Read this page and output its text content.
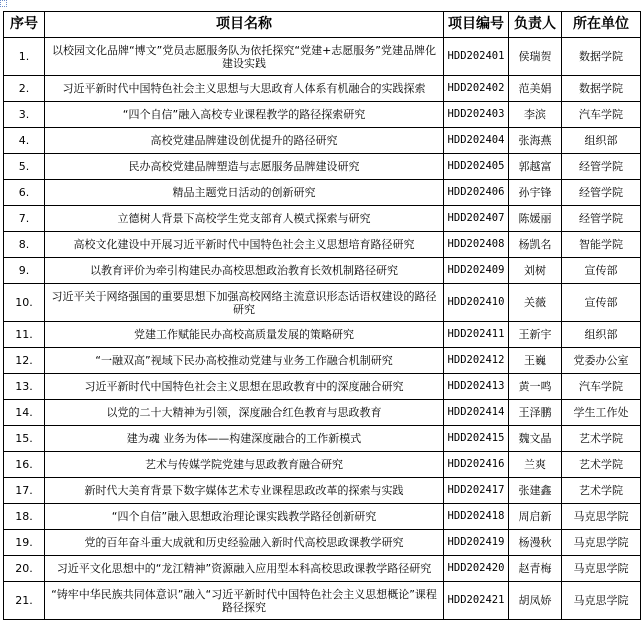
序号	项目名称	项目编号	负责人	所在单位
1.	以校园文化品牌“博文”党员志愿服务队为依托探究“党建+志愿服务”党建品牌化建设实践	HDD202401	侯瑞贺	数据学院
2.	习近平新时代中国特色社会主义思想与大思政育人体系有机融合的实践探索	HDD202402	范美娟	数据学院
3.	“四个自信”融入高校专业课程教学的路径探索研究	HDD202403	李滨	汽车学院
4.	高校党建品牌建设创优提升的路径研究	HDD202404	张海燕	组织部
5.	民办高校党建品牌塑造与志愿服务品牌建设研究	HDD202405	郭越富	经管学院
6.	精品主题党日活动的创新研究	HDD202406	孙宇锋	经管学院
7.	立德树人背景下高校学生党支部育人模式探索与研究	HDD202407	陈媛丽	经管学院
8.	高校文化建设中开展习近平新时代中国特色社会主义思想培育路径研究	HDD202408	杨凯名	智能学院
9.	以教育评价为牵引构建民办高校思想政治教育长效机制路径研究	HDD202409	刘树	宣传部
10.	习近平关于网络强国的重要思想下加强高校网络主流意识形态话语权建设的路径研究	HDD202410	关薇	宣传部
11.	党建工作赋能民办高校高质量发展的策略研究	HDD202411	王新宇	组织部
12.	“一融双高”视域下民办高校推动党建与业务工作融合机制研究	HDD202412	王巍	党委办公室
13.	习近平新时代中国特色社会主义思想在思政教育中的深度融合研究	HDD202413	黄一鸣	汽车学院
14.	以党的二十大精神为引领，深度融合红色教育与思政教育	HDD202414	王泽鹏	学生工作处
15.	建为魂 业务为体——构建深度融合的工作新模式	HDD202415	魏文晶	艺术学院
16.	艺术与传媒学院党建与思政教育融合研究	HDD202416	兰爽	艺术学院
17.	新时代大美育背景下数字媒体艺术专业课程思政改革的探索与实践	HDD202417	张建鑫	艺术学院
18.	“四个自信”融入思想政治理论课实践教学路径创新研究	HDD202418	周启新	马克思学院
19.	党的百年奋斗重大成就和历史经验融入新时代高校思政课教学研究	HDD202419	杨漫秋	马克思学院
20.	习近平文化思想中的“龙江精神”资源融入应用型本科高校思政课教学路径研究	HDD202420	赵青梅	马克思学院
21.	“铸牢中华民族共同体意识”融入“习近平新时代中国特色社会主义思想概论”课程路径探究	HDD202421	胡凤娇	马克思学院
